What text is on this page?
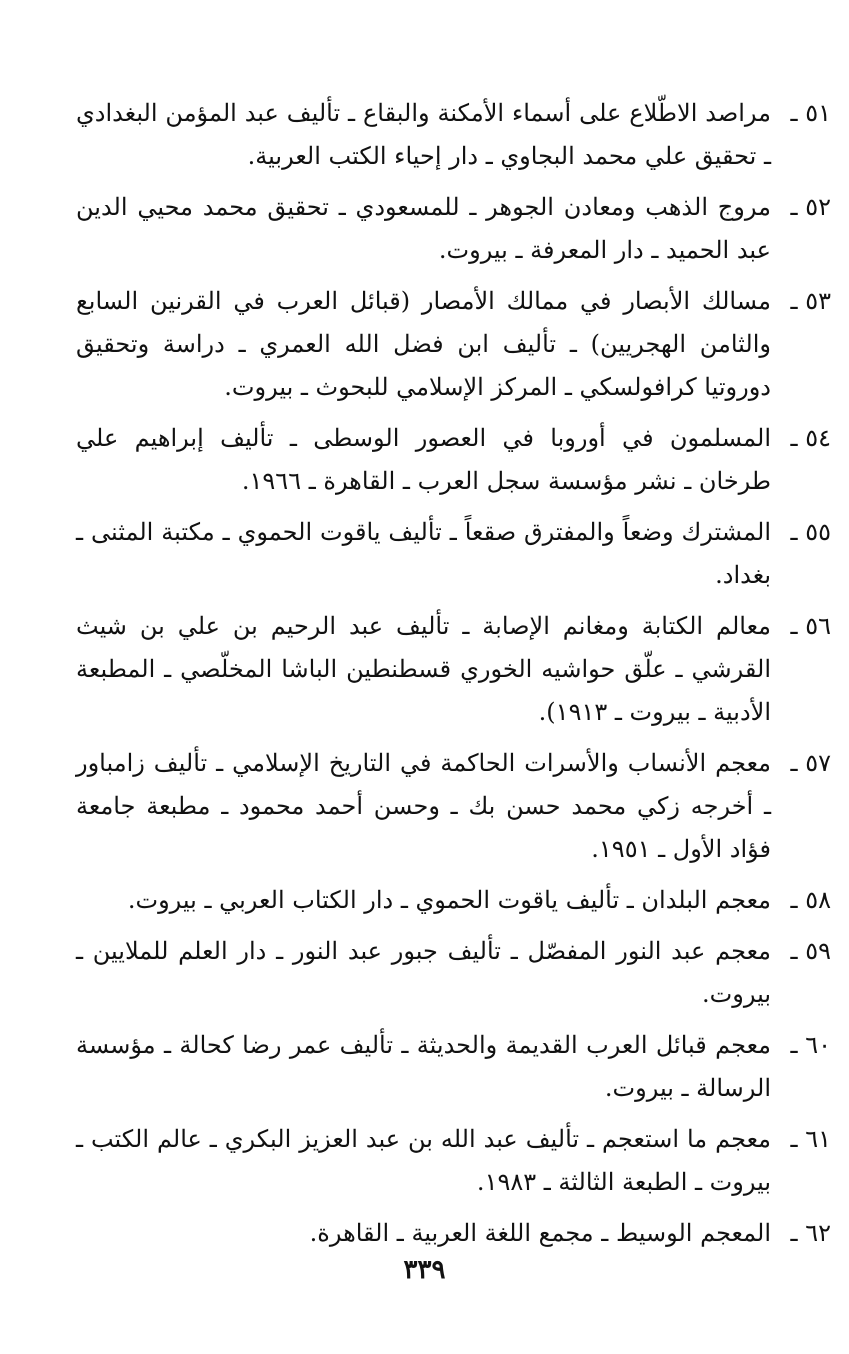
٥١ ـ
مراصد الاطّلاع على أسماء الأمكنة والبقاع ـ تأليف عبد المؤمن البغدادي ـ تحقيق علي محمد البجاوي ـ دار إحياء الكتب العربية.
٥٢ ـ
مروج الذهب ومعادن الجوهر ـ للمسعودي ـ تحقيق محمد محيي الدين عبد الحميد ـ دار المعرفة ـ بيروت.
٥٣ ـ
مسالك الأبصار في ممالك الأمصار (قبائل العرب في القرنين السابع والثامن الهجريين) ـ تأليف ابن فضل الله العمري ـ دراسة وتحقيق دوروتيا كرافولسكي ـ المركز الإسلامي للبحوث ـ بيروت.
٥٤ ـ
المسلمون في أوروبا في العصور الوسطى ـ تأليف إبراهيم علي طرخان ـ نشر مؤسسة سجل العرب ـ القاهرة ـ ١٩٦٦.
٥٥ ـ
المشترك وضعاً والمفترق صقعاً ـ تأليف ياقوت الحموي ـ مكتبة المثنى ـ بغداد.
٥٦ ـ
معالم الكتابة ومغانم الإصابة ـ تأليف عبد الرحيم بن علي بن شيث القرشي ـ علّق حواشيه الخوري قسطنطين الباشا المخلّصي ـ المطبعة الأدبية ـ بيروت ـ ١٩١٣).
٥٧ ـ
معجم الأنساب والأسرات الحاكمة في التاريخ الإسلامي ـ تأليف زامباور ـ أخرجه زكي محمد حسن بك ـ وحسن أحمد محمود ـ مطبعة جامعة فؤاد الأول ـ ١٩٥١.
٥٨ ـ
معجم البلدان ـ تأليف ياقوت الحموي ـ دار الكتاب العربي ـ بيروت.
٥٩ ـ
معجم عبد النور المفصّل ـ تأليف جبور عبد النور ـ دار العلم للملايين ـ بيروت.
٦٠ ـ
معجم قبائل العرب القديمة والحديثة ـ تأليف عمر رضا كحالة ـ مؤسسة الرسالة ـ بيروت.
٦١ ـ
معجم ما استعجم ـ تأليف عبد الله بن عبد العزيز البكري ـ عالم الكتب ـ بيروت ـ الطبعة الثالثة ـ ١٩٨٣.
٦٢ ـ
المعجم الوسيط ـ مجمع اللغة العربية ـ القاهرة.
٣٣٩
